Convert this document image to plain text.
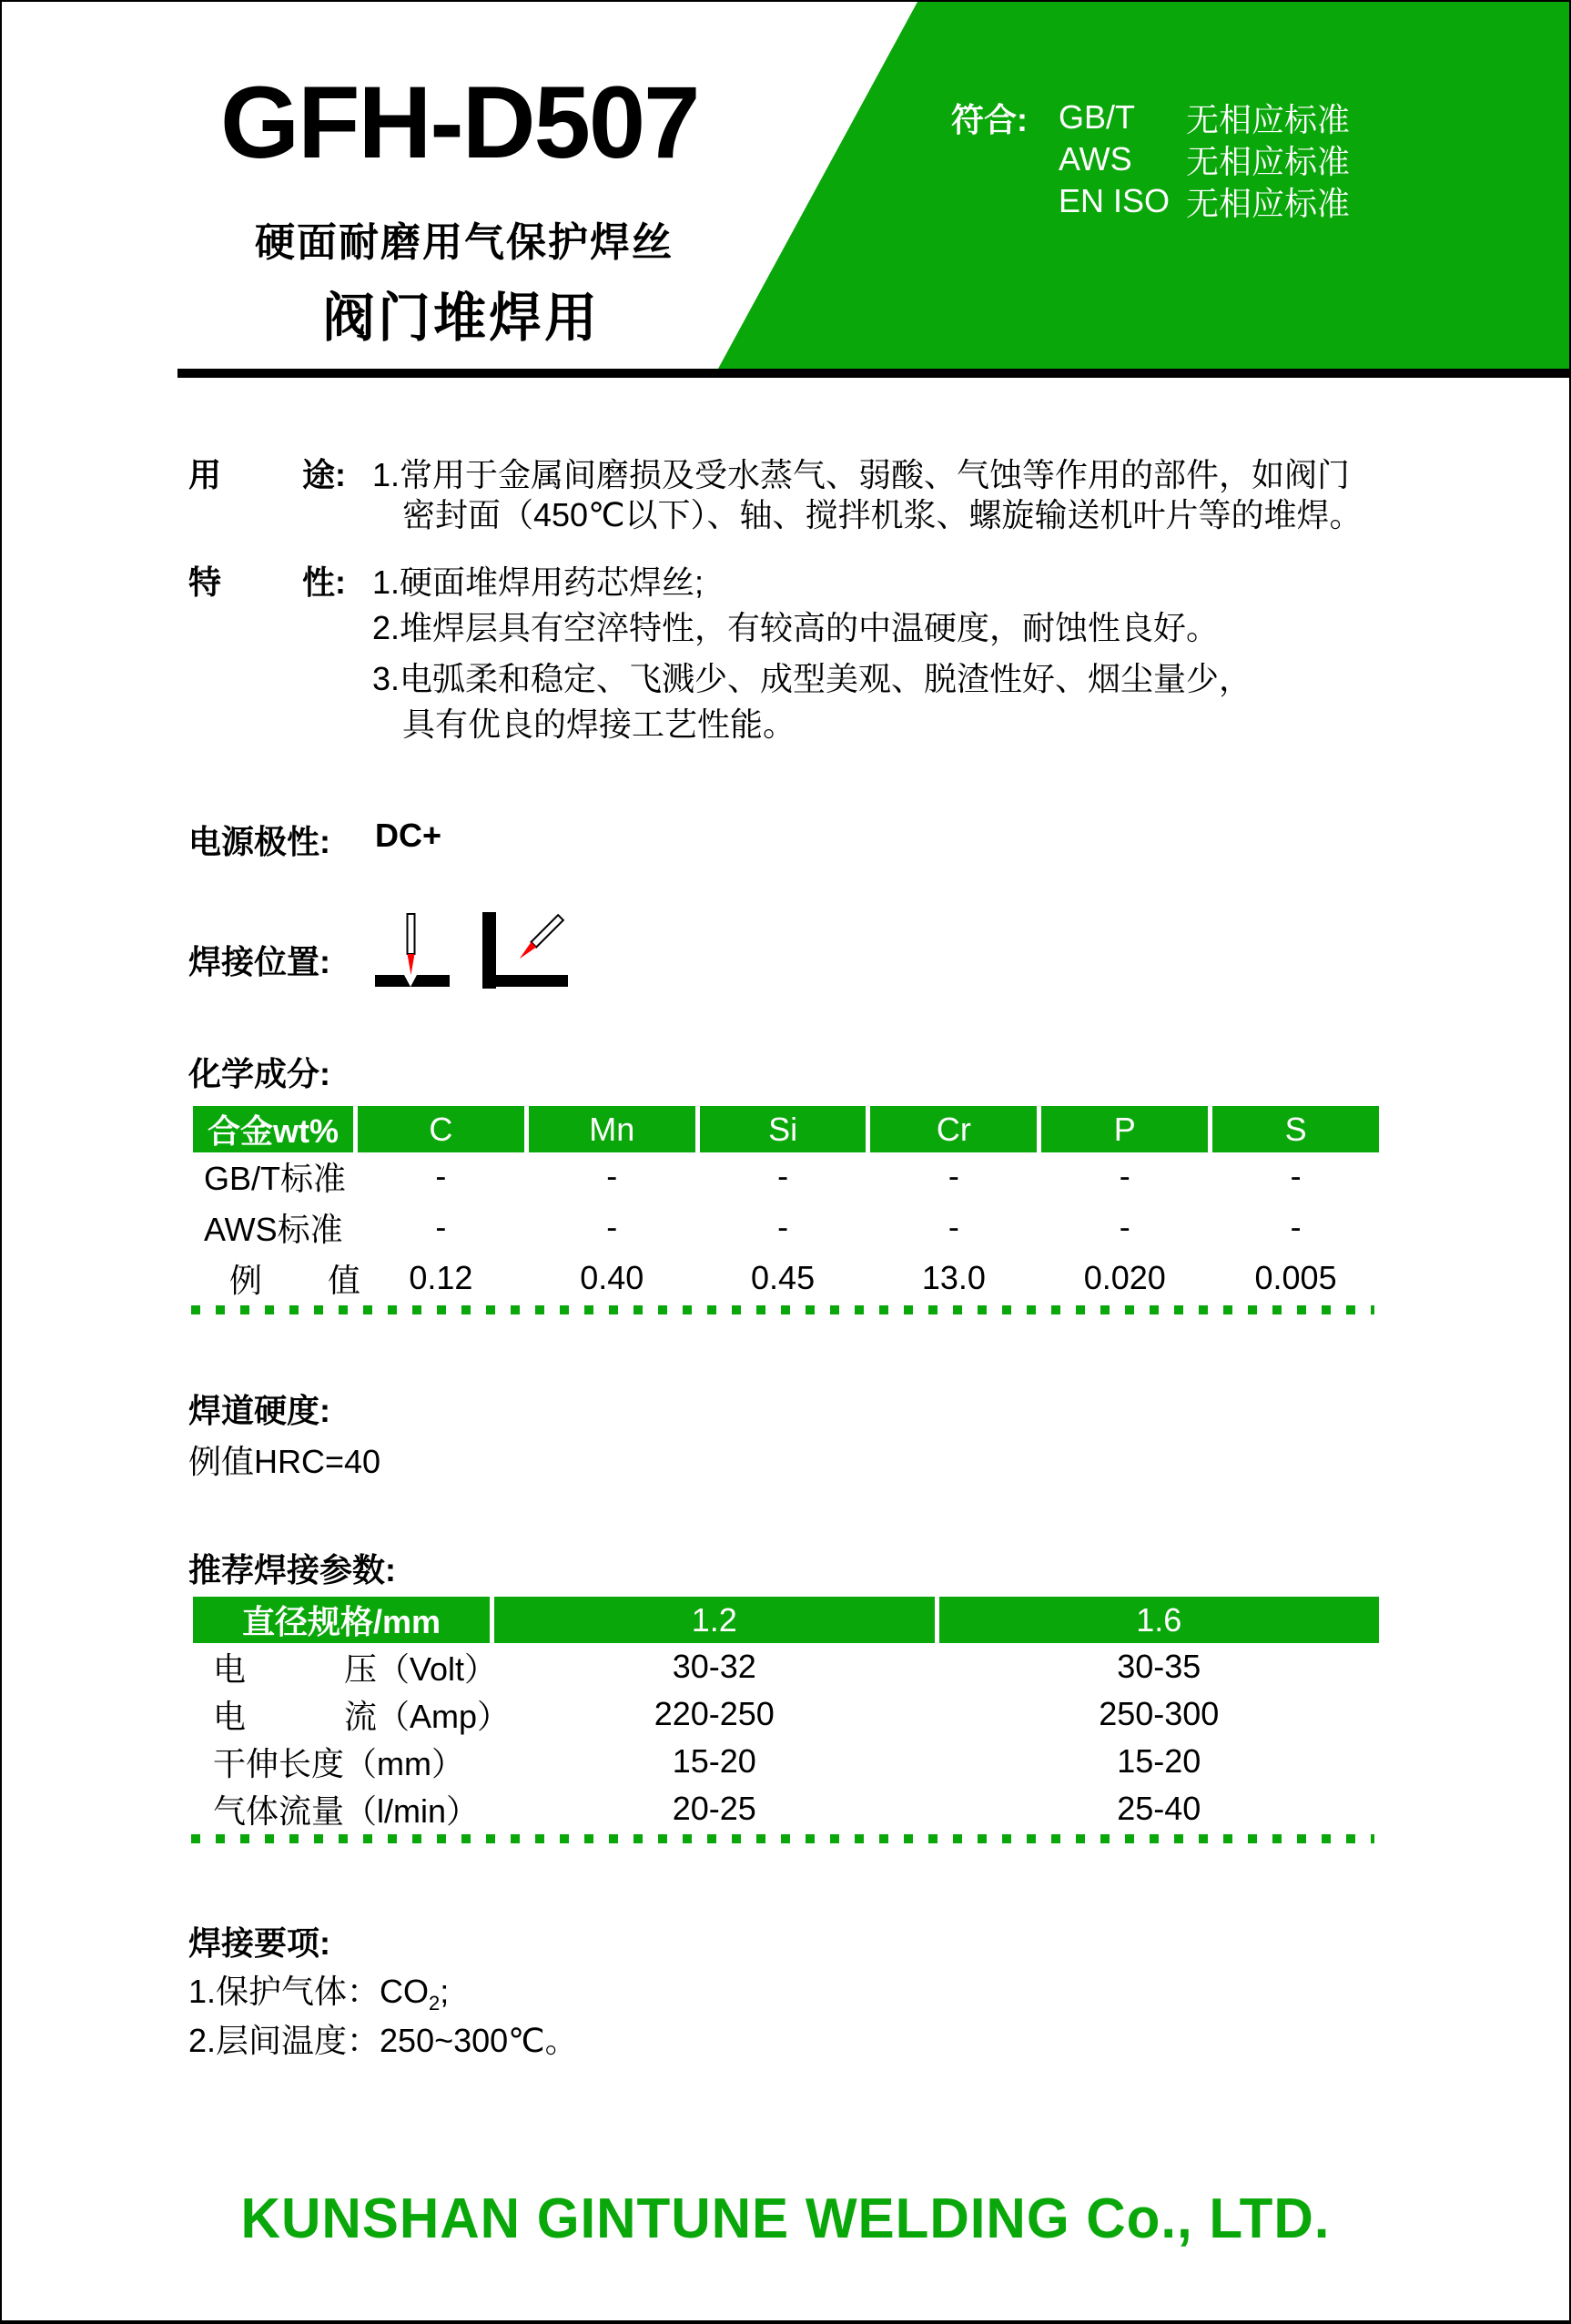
GFH-D507
硬面耐磨用气保护焊丝
阀门堆焊用
符合: GB/T	无相应标准
AWS	无相应标准
EN ISO 无相应标准
用 途: 1.常用于金属间磨损及受水蒸气、弱酸、气蚀等作用的部件，如阀门
密封面（450℃以下）、轴、搅拌机浆、螺旋输送机叶片等的堆焊。
特 性: 1.硬面堆焊用药芯焊丝;
2.堆焊层具有空淬特性，有较高的中温硬度，耐蚀性良好。
3.电弧柔和稳定、飞溅少、成型美观、脱渣性好、烟尘量少，
具有优良的焊接工艺性能。
电源极性: DC+
焊接位置:
化学成分:
合金wt%	C	Mn	Si	Cr	P	S
GB/T标准	-	-	-	-	-	-
AWS标准	-	-	-	-	-	-
例　　值	0.12	0.40	0.45	13.0	0.020	0.005
焊道硬度:
例值HRC=40
推荐焊接参数:
直径规格/mm	1.2	1.6
电　　　压（Volt）	30-32	30-35
电　　　流（Amp）	220-250	250-300
干伸长度（mm）	15-20	15-20
气体流量（l/min）	20-25	25-40
焊接要项:
1.保护气体：$CO_2$;
2.层间温度：250~300℃。
KUNSHAN GINTUNE WELDING Co., LTD.
